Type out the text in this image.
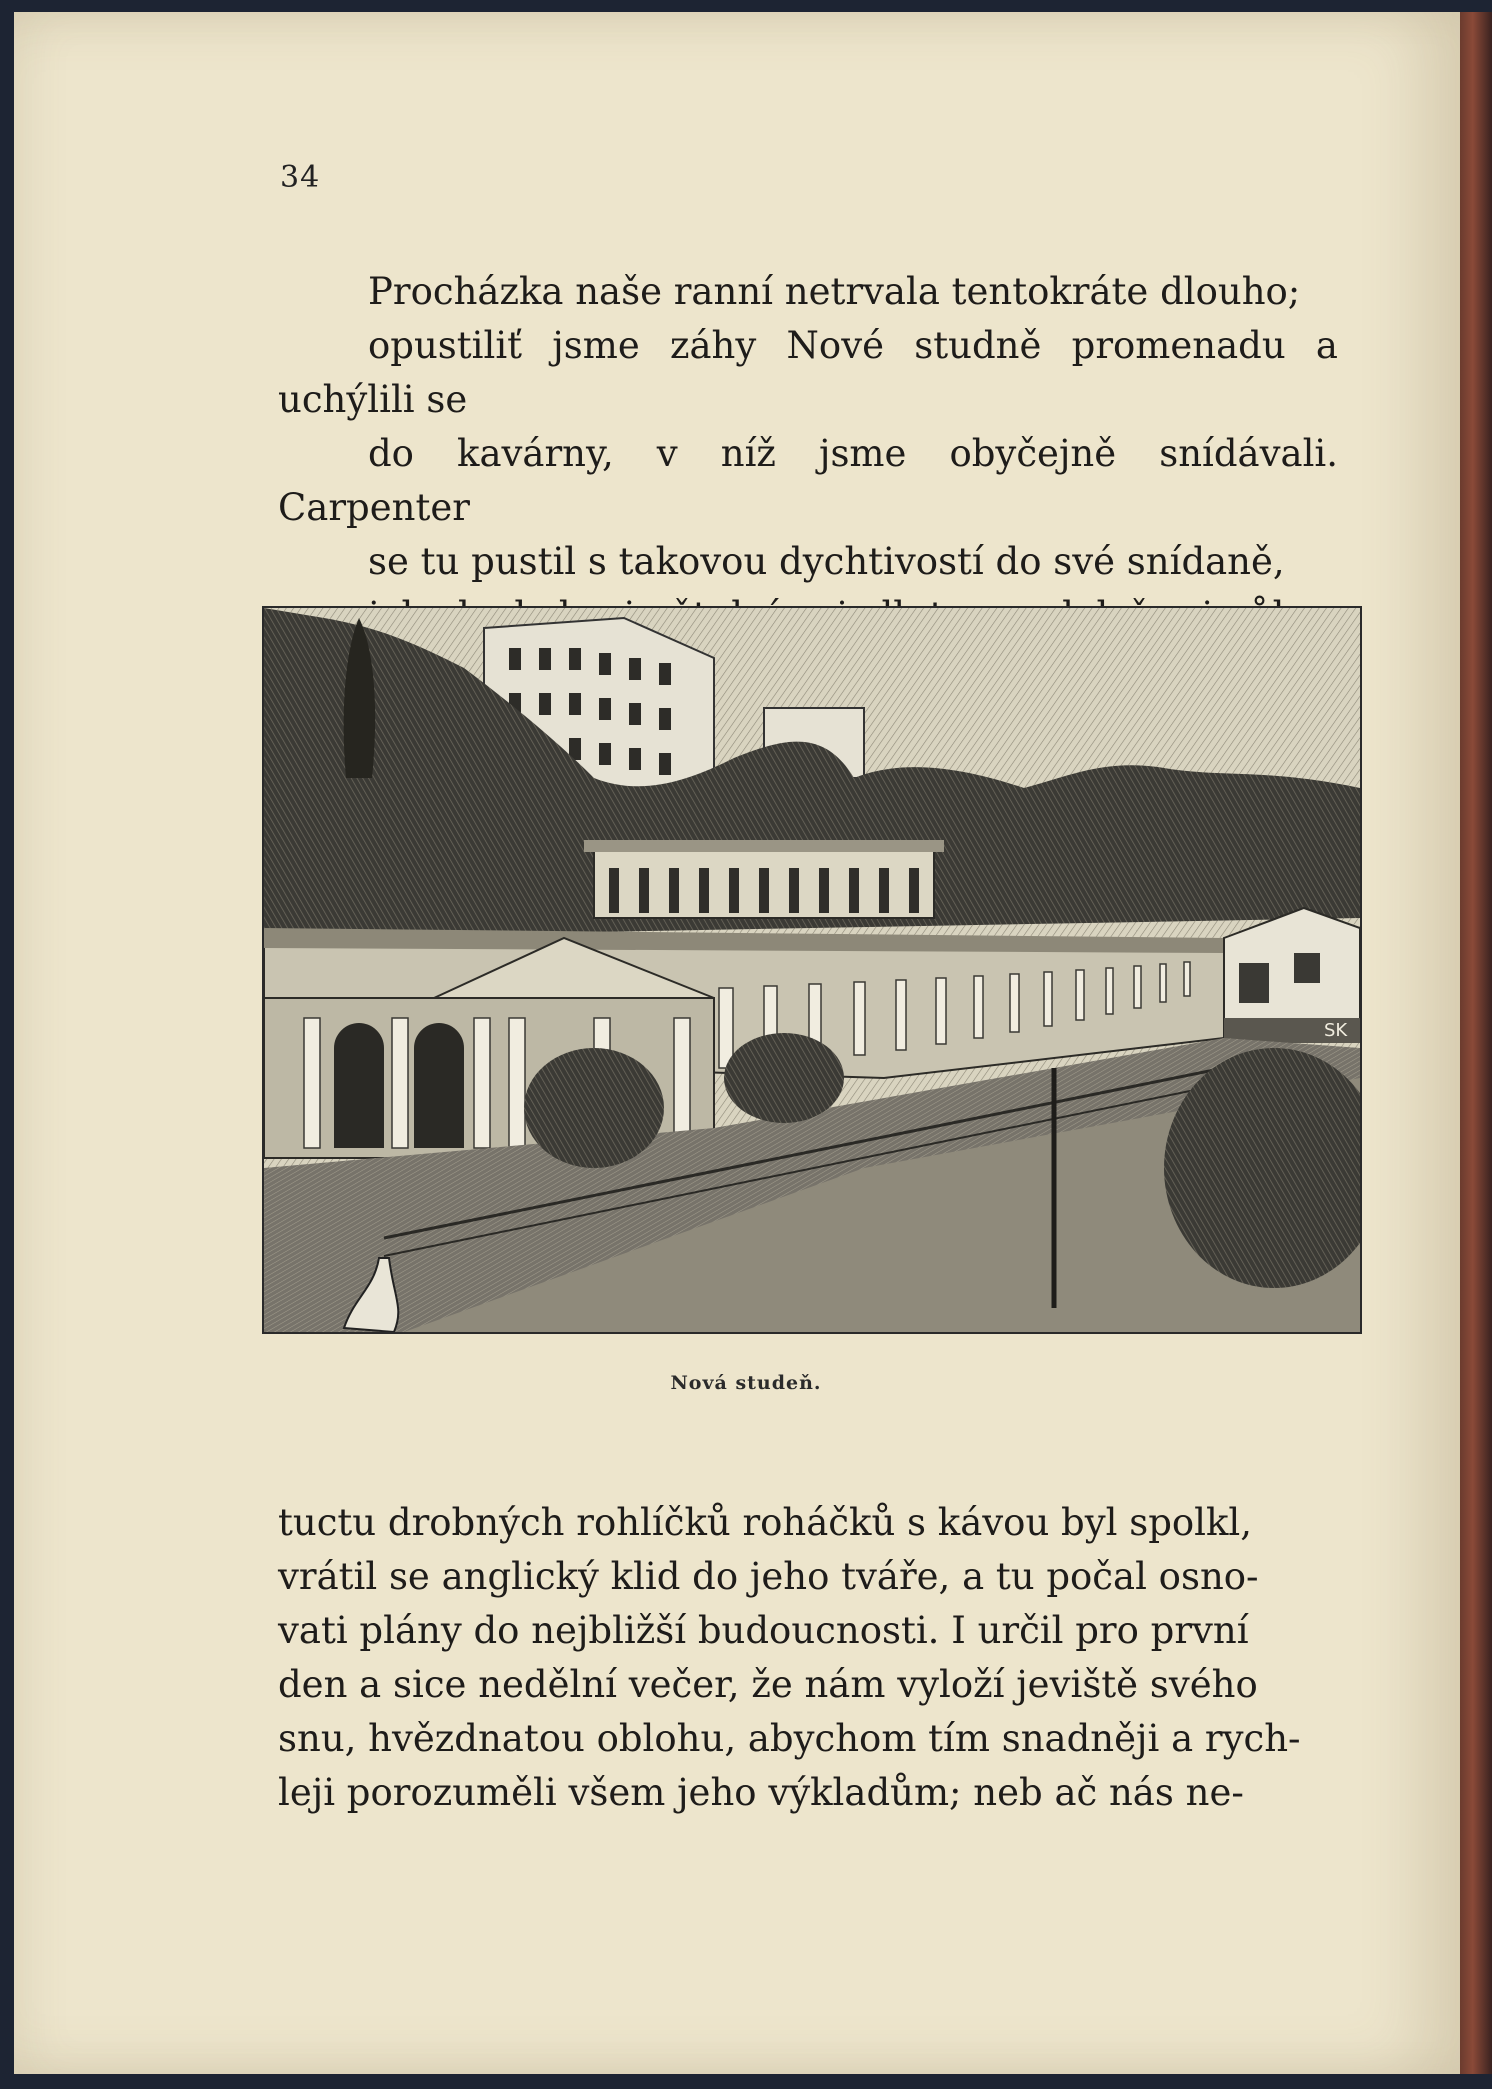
34

Procházka naše ranní netrvala tentokráte dlouho;

opustiliť jsme záhy Nové studně promenadu a uchýlili se

do kavárny, v níž jsme obyčejně snídávali. Carpenter

se tu pustil s takovou dychtivostí do své snídaně,

SK
Nová studeň.

tuctu drobných rohlíčků roháčků s kávou byl spolkl,

vrátil se anglický klid do jeho tváře, a tu počal osno-

vati plány do nejbližší budoucnosti. I určil pro první

den a sice nedělní večer, že nám vyloží jeviště svého

snu, hvězdnatou oblohu, abychom tím snadněji a rych-

leji porozuměli všem jeho výkladům; neb ač nás ne-
